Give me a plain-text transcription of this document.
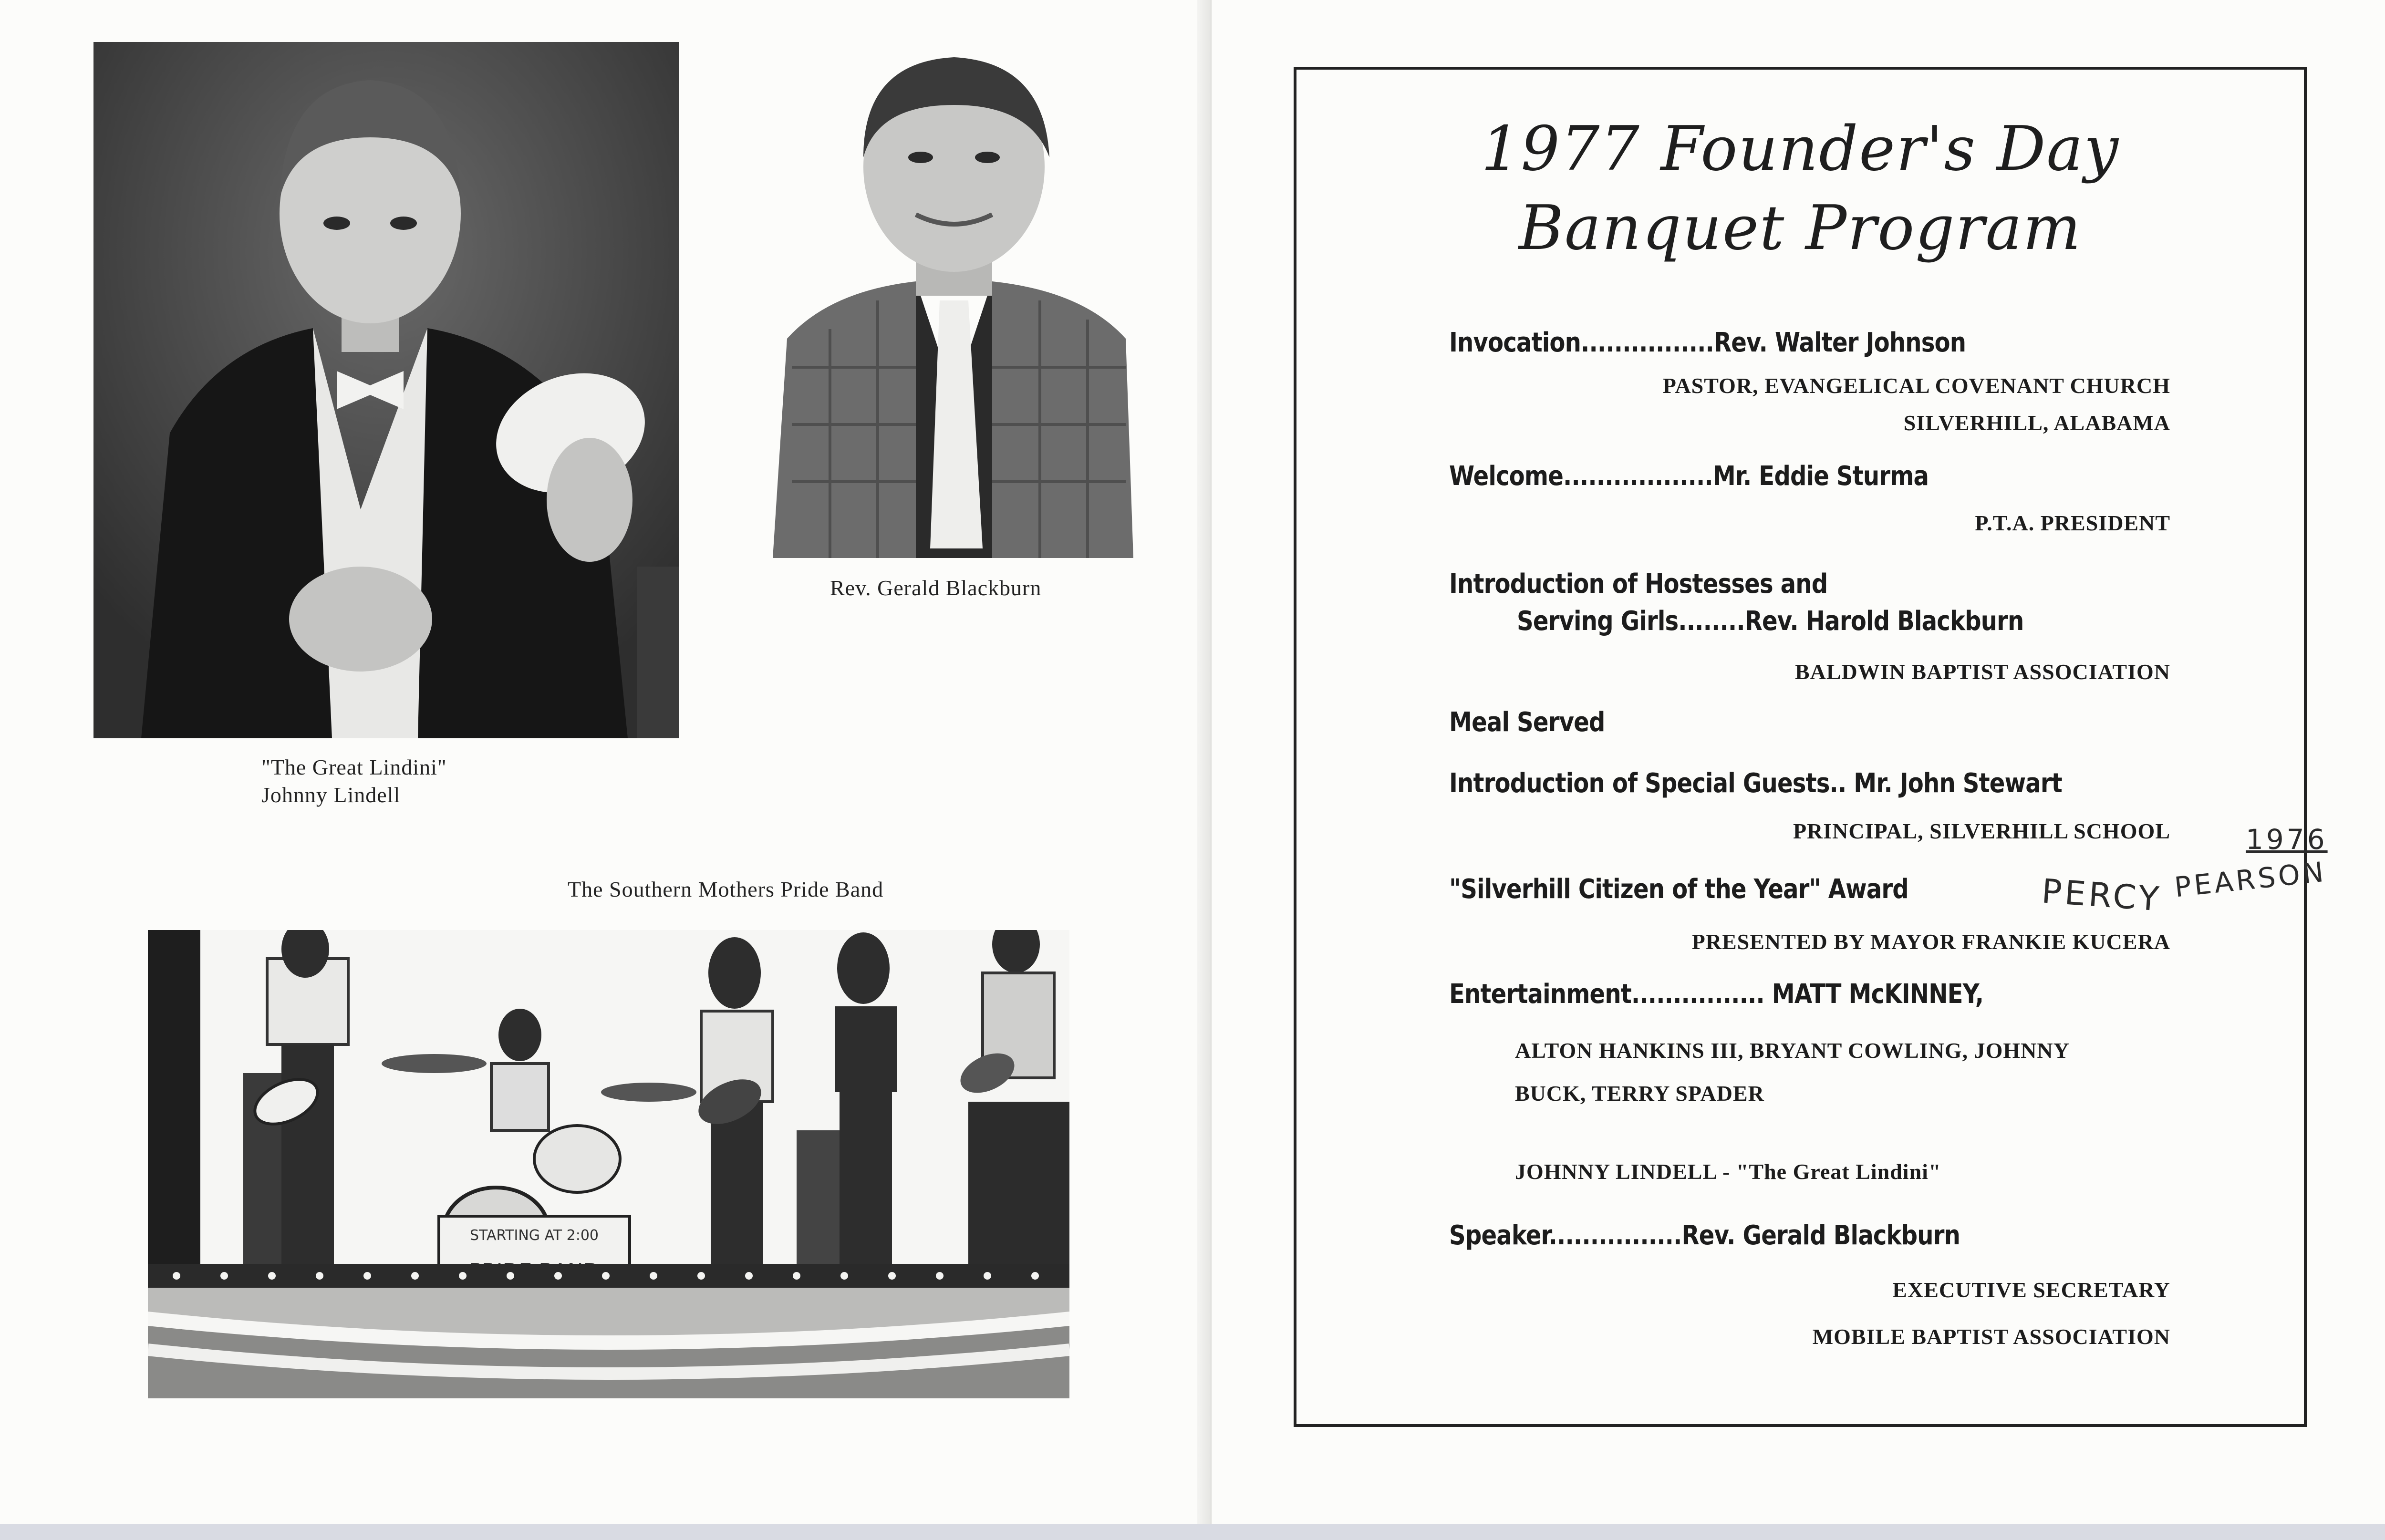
"The Great Lindini"
Johnny Lindell
Rev. Gerald Blackburn
The Southern Mothers Pride Band
STARTING AT 2:00
1977 Founder's Day
Banquet Program
Invocation................Rev. Walter Johnson
PASTOR, EVANGELICAL COVENANT CHURCH
SILVERHILL, ALABAMA
Welcome..................Mr. Eddie Sturma
P.T.A. PRESIDENT
Introduction of Hostesses and
Serving Girls........Rev. Harold Blackburn
BALDWIN BAPTIST ASSOCIATION
Meal Served
Introduction of Special Guests.. Mr. John Stewart
PRINCIPAL, SILVERHILL SCHOOL
"Silverhill Citizen of the Year" Award
PRESENTED BY MAYOR FRANKIE KUCERA
Entertainment................ MATT McKINNEY,
ALTON HANKINS III, BRYANT COWLING, JOHNNY
BUCK, TERRY SPADER
JOHNNY LINDELL - "The Great Lindini"
Speaker................Rev. Gerald Blackburn
EXECUTIVE SECRETARY
MOBILE BAPTIST ASSOCIATION
1976
PERCY PEARSON
